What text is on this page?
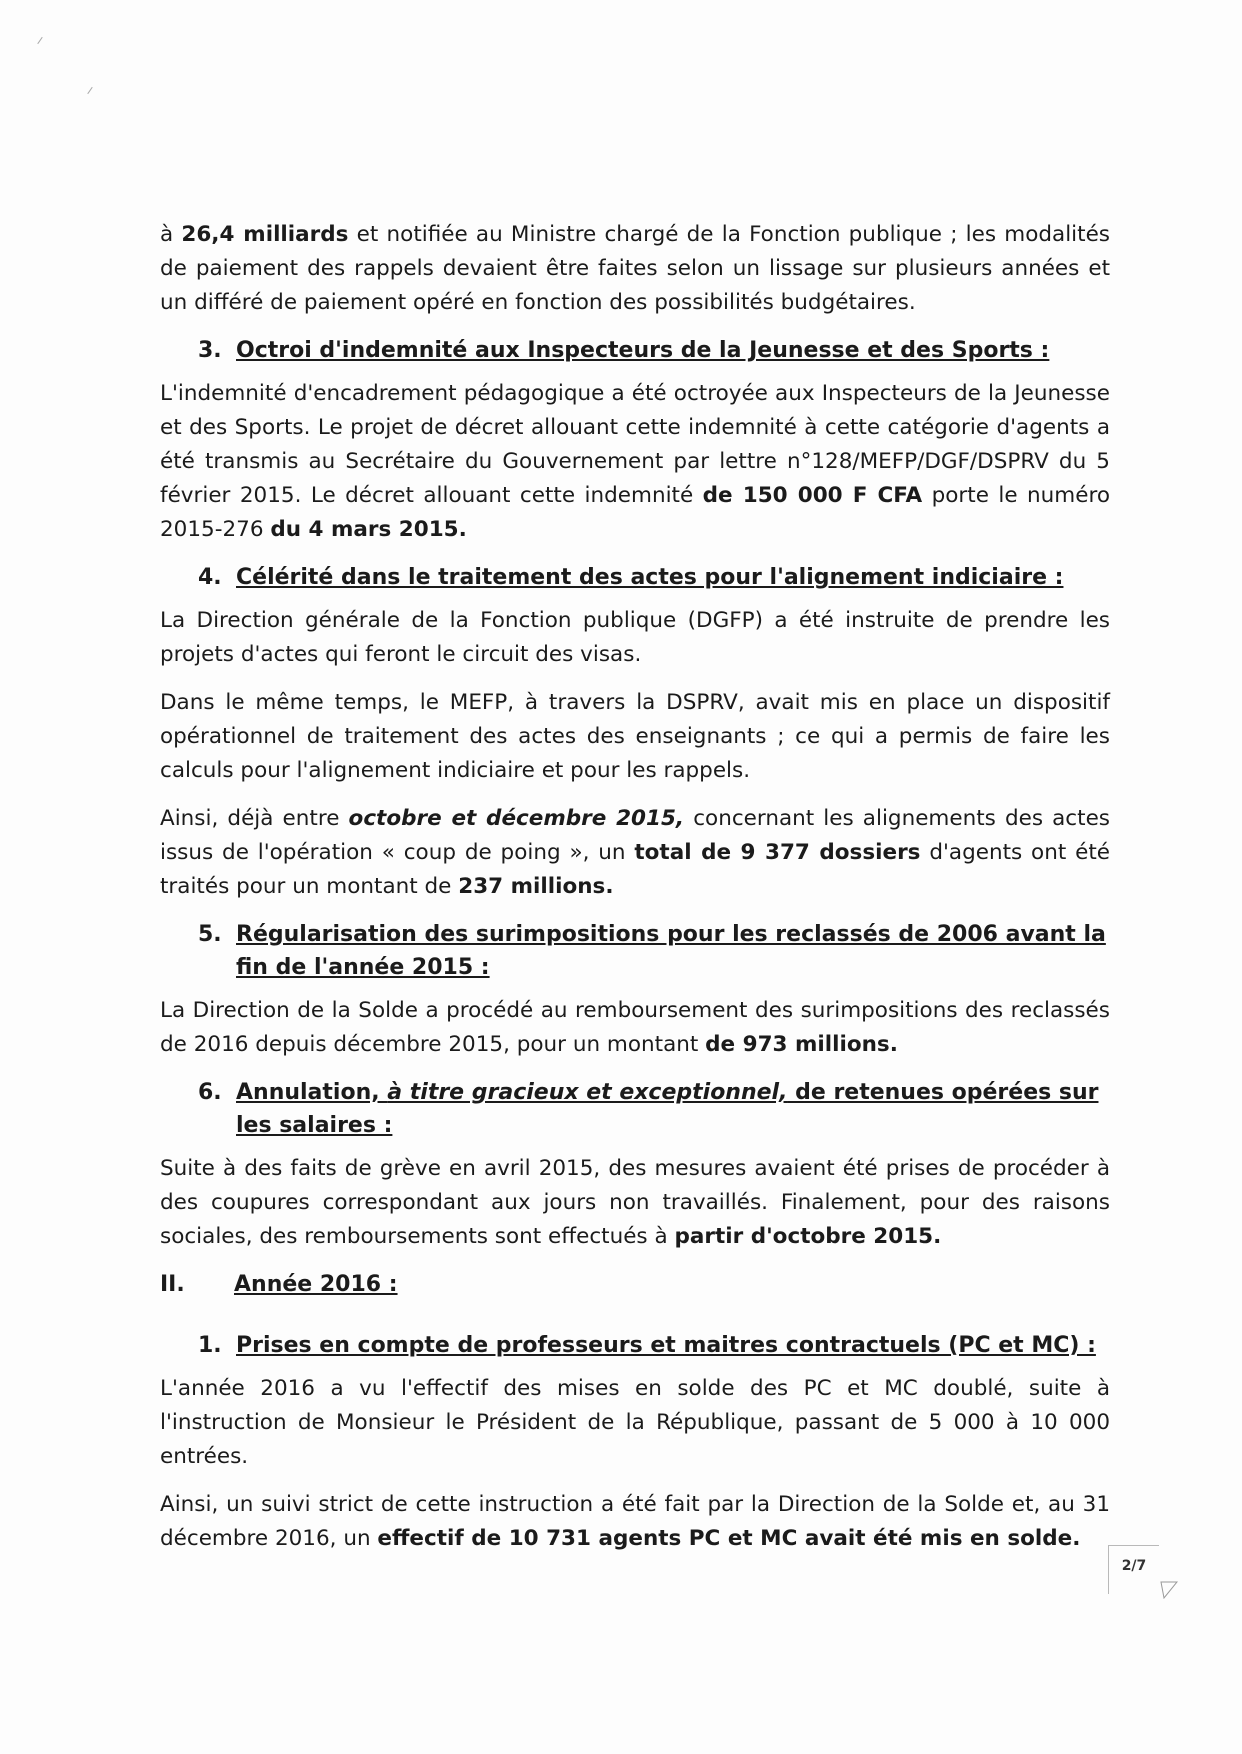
à 26,4 milliards et notifiée au Ministre chargé de la Fonction publique ; les modalités de paiement des rappels devaient être faites selon un lissage sur plusieurs années et un différé de paiement opéré en fonction des possibilités budgétaires.

3. Octroi d'indemnité aux Inspecteurs de la Jeunesse et des Sports :

L'indemnité d'encadrement pédagogique a été octroyée aux Inspecteurs de la Jeunesse et des Sports. Le projet de décret allouant cette indemnité à cette catégorie d'agents a été transmis au Secrétaire du Gouvernement par lettre n°128/MEFP/DGF/DSPRV du 5 février 2015. Le décret allouant cette indemnité de 150 000 F CFA porte le numéro 2015-276 du 4 mars 2015.

4. Célérité dans le traitement des actes pour l'alignement indiciaire :

La Direction générale de la Fonction publique (DGFP) a été instruite de prendre les projets d'actes qui feront le circuit des visas.

Dans le même temps, le MEFP, à travers la DSPRV, avait mis en place un dispositif opérationnel de traitement des actes des enseignants ; ce qui a permis de faire les calculs pour l'alignement indiciaire et pour les rappels.

Ainsi, déjà entre octobre et décembre 2015, concernant les alignements des actes issus de l'opération « coup de poing », un total de 9 377 dossiers d'agents ont été traités pour un montant de 237 millions.

5. Régularisation des surimpositions pour les reclassés de 2006 avant la fin de l'année 2015 :

La Direction de la Solde a procédé au remboursement des surimpositions des reclassés de 2016 depuis décembre 2015, pour un montant de 973 millions.

6. Annulation, à titre gracieux et exceptionnel, de retenues opérées sur les salaires :

Suite à des faits de grève en avril 2015, des mesures avaient été prises de procéder à des coupures correspondant aux jours non travaillés. Finalement, pour des raisons sociales, des remboursements sont effectués à partir d'octobre 2015.

II.	Année 2016 :
1. Prises en compte de professeurs et maitres contractuels (PC et MC) :

L'année 2016 a vu l'effectif des mises en solde des PC et MC doublé, suite à l'instruction de Monsieur le Président de la République, passant de 5 000 à 10 000 entrées.

Ainsi, un suivi strict de cette instruction a été fait par la Direction de la Solde et, au 31 décembre 2016, un effectif de 10 731 agents PC et MC avait été mis en solde.

2/7
